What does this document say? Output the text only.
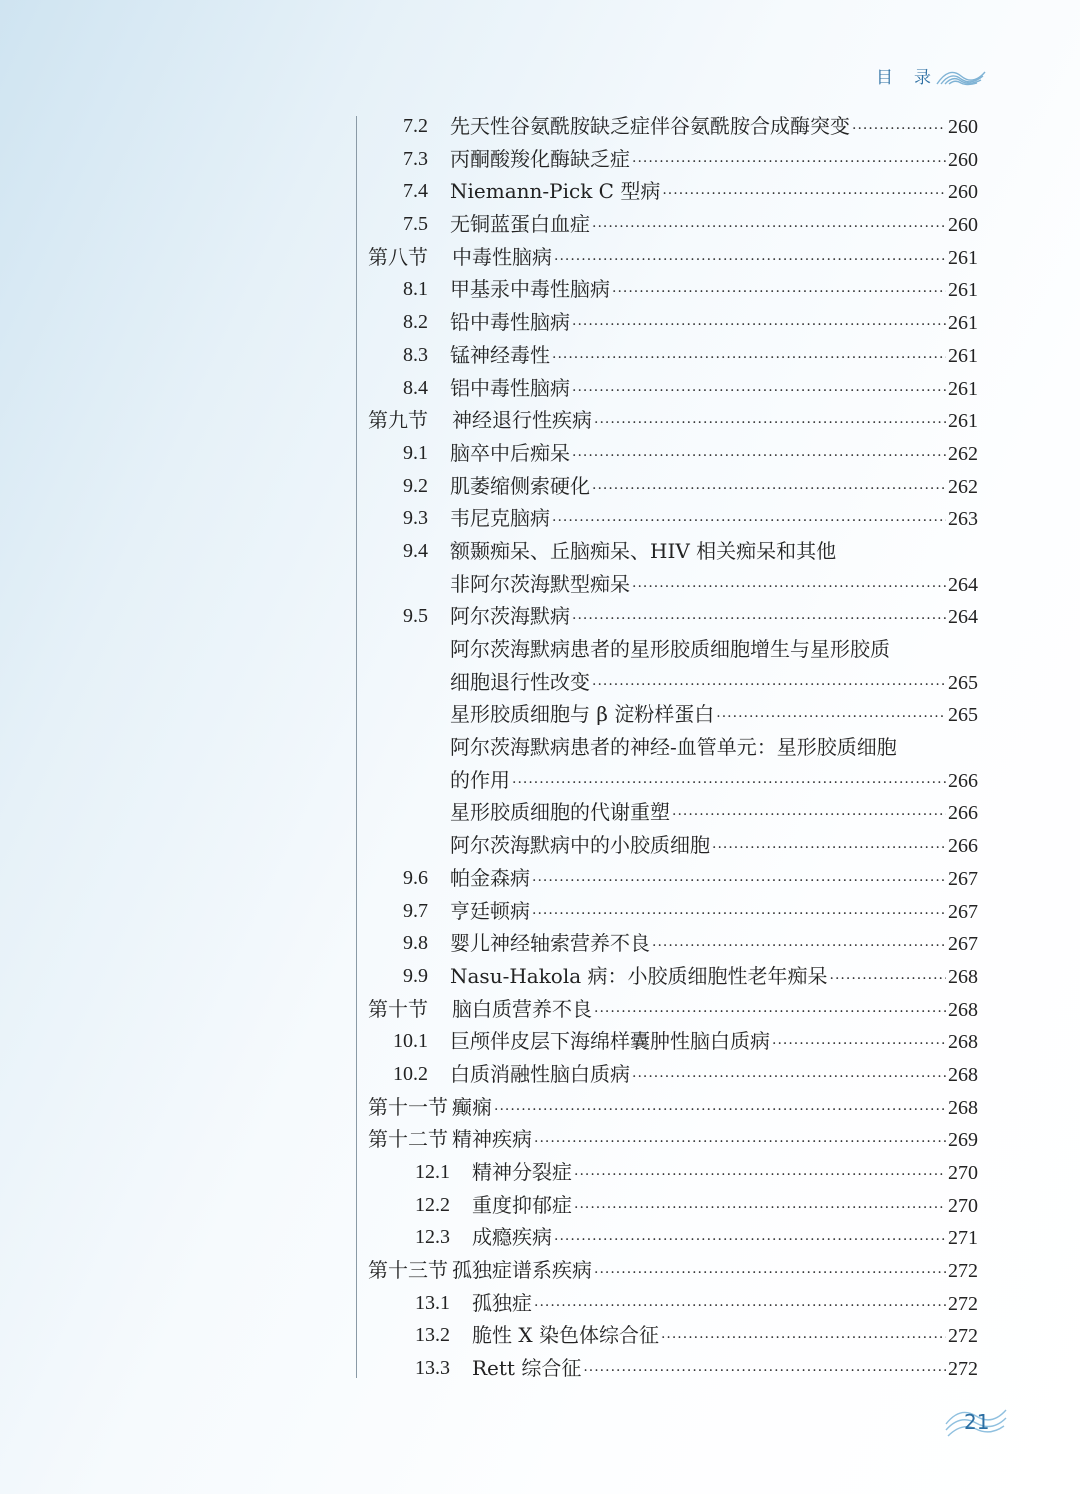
目　录
7.2 先天性谷氨酰胺缺乏症伴谷氨酰胺合成酶突变 ·····	260
7.3 丙酮酸羧化酶缺乏症 ·····	260
7.4 Niemann-Pick C 型病 ·····	260
7.5 无铜蓝蛋白血症 ·····	260
第八节	中毒性脑病 ·····	261
8.1 甲基汞中毒性脑病 ·····	261
8.2 铅中毒性脑病 ·····	261
8.3 锰神经毒性 ·····	261
8.4 铝中毒性脑病 ·····	261
第九节	神经退行性疾病 ·····	261
9.1 脑卒中后痴呆 ·····	262
9.2 肌萎缩侧索硬化 ·····	262
9.3 韦尼克脑病 ·····	263
9.4 额颞痴呆、丘脑痴呆、HIV 相关痴呆和其他
非阿尔茨海默型痴呆 ·····	264
9.5 阿尔茨海默病 ·····	264
阿尔茨海默病患者的星形胶质细胞增生与星形胶质
细胞退行性改变 ·····	265
星形胶质细胞与 β 淀粉样蛋白 ·····	265
阿尔茨海默病患者的神经-血管单元：星形胶质细胞
的作用 ·····	266
星形胶质细胞的代谢重塑 ·····	266
阿尔茨海默病中的小胶质细胞 ·····	266
9.6 帕金森病 ·····	267
9.7 亨廷顿病 ·····	267
9.8 婴儿神经轴索营养不良 ·····	267
9.9 Nasu-Hakola 病：小胶质细胞性老年痴呆 ·····	268
第十节	脑白质营养不良 ·····	268
10.1 巨颅伴皮层下海绵样囊肿性脑白质病 ·····	268
10.2 白质消融性脑白质病 ·····	268
第十一节 癫痫 ·····	268
第十二节 精神疾病 ·····	269
12.1 精神分裂症 ·····	270
12.2 重度抑郁症 ·····	270
12.3 成瘾疾病 ·····	271
第十三节 孤独症谱系疾病 ·····	272
13.1 孤独症 ·····	272
13.2 脆性 X 染色体综合征 ·····	272
13.3 Rett 综合征 ·····	272
21
